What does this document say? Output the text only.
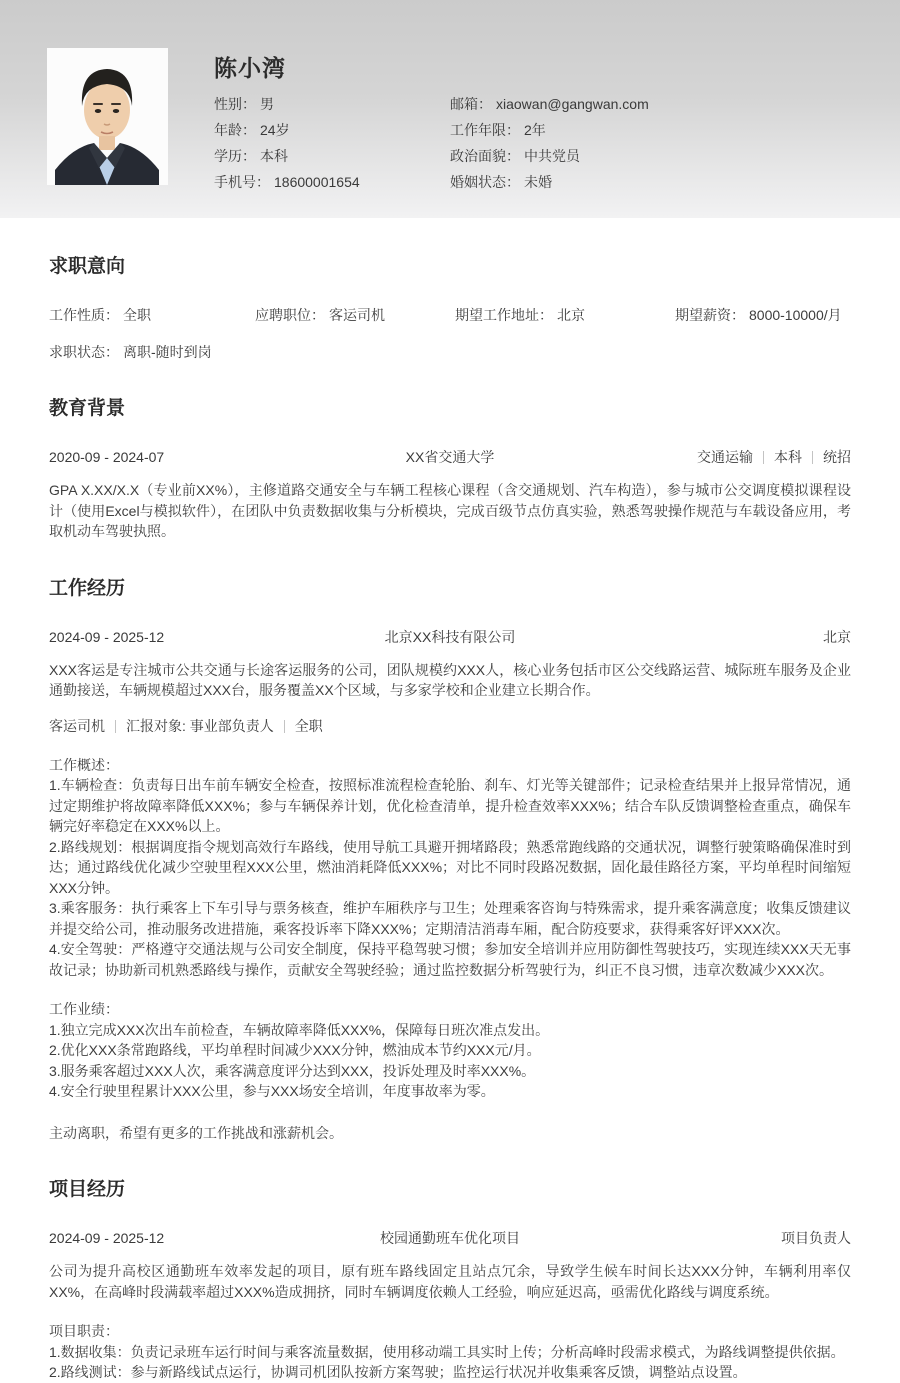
陈小湾
性别： 男
年龄： 24岁
学历： 本科
手机号： 18600001654
邮箱： xiaowan@gangwan.com
工作年限： 2年
政治面貌： 中共党员
婚姻状态： 未婚
求职意向
工作性质： 全职	应聘职位： 客运司机	期望工作地址： 北京	期望薪资： 8000-10000/月
求职状态： 离职-随时到岗
教育背景
2020-09 - 2024-07	XX省交通大学	交通运输 本科 统招

GPA X.XX/X.X（专业前XX%），主修道路交通安全与车辆工程核心课程（含交通规划、汽车构造），参与城市公交调度模拟课程设计（使用Excel与模拟软件），在团队中负责数据收集与分析模块，完成百级节点仿真实验，熟悉驾驶操作规范与车载设备应用，考取机动车驾驶执照。

工作经历
2024-09 - 2025-12	北京XX科技有限公司	北京

XXX客运是专注城市公共交通与长途客运服务的公司，团队规模约XXX人，核心业务包括市区公交线路运营、城际班车服务及企业通勤接送，车辆规模超过XXX台，服务覆盖XX个区域，与多家学校和企业建立长期合作。

客运司机 汇报对象: 事业部负责人 全职

工作概述：

1.车辆检查：负责每日出车前车辆安全检查，按照标准流程检查轮胎、刹车、灯光等关键部件；记录检查结果并上报异常情况，通过定期维护将故障率降低XXX%；参与车辆保养计划，优化检查清单，提升检查效率XXX%；结合车队反馈调整检查重点，确保车辆完好率稳定在XXX%以上。

2.路线规划：根据调度指令规划高效行车路线，使用导航工具避开拥堵路段；熟悉常跑线路的交通状况，调整行驶策略确保准时到达；通过路线优化减少空驶里程XXX公里，燃油消耗降低XXX%；对比不同时段路况数据，固化最佳路径方案，平均单程时间缩短XXX分钟。

3.乘客服务：执行乘客上下车引导与票务核查，维护车厢秩序与卫生；处理乘客咨询与特殊需求，提升乘客满意度；收集反馈建议并提交给公司，推动服务改进措施，乘客投诉率下降XXX%；定期清洁消毒车厢，配合防疫要求，获得乘客好评XXX次。

4.安全驾驶：严格遵守交通法规与公司安全制度，保持平稳驾驶习惯；参加安全培训并应用防御性驾驶技巧，实现连续XXX天无事故记录；协助新司机熟悉路线与操作，贡献安全驾驶经验；通过监控数据分析驾驶行为，纠正不良习惯，违章次数减少XXX次。

工作业绩：

1.独立完成XXX次出车前检查，车辆故障率降低XXX%，保障每日班次准点发出。

2.优化XXX条常跑路线，平均单程时间减少XXX分钟，燃油成本节约XXX元/月。

3.服务乘客超过XXX人次，乘客满意度评分达到XXX，投诉处理及时率XXX%。

4.安全行驶里程累计XXX公里，参与XXX场安全培训，年度事故率为零。

主动离职，希望有更多的工作挑战和涨薪机会。
项目经历
2024-09 - 2025-12	校园通勤班车优化项目	项目负责人

公司为提升高校区通勤班车效率发起的项目，原有班车路线固定且站点冗余，导致学生候车时间长达XXX分钟，车辆利用率仅XX%，在高峰时段满载率超过XXX%造成拥挤，同时车辆调度依赖人工经验，响应延迟高，亟需优化路线与调度系统。

项目职责：

1.数据收集：负责记录班车运行时间与乘客流量数据，使用移动端工具实时上传；分析高峰时段需求模式，为路线调整提供依据。

2.路线测试：参与新路线试点运行，协调司机团队按新方案驾驶；监控运行状况并收集乘客反馈，调整站点设置。
